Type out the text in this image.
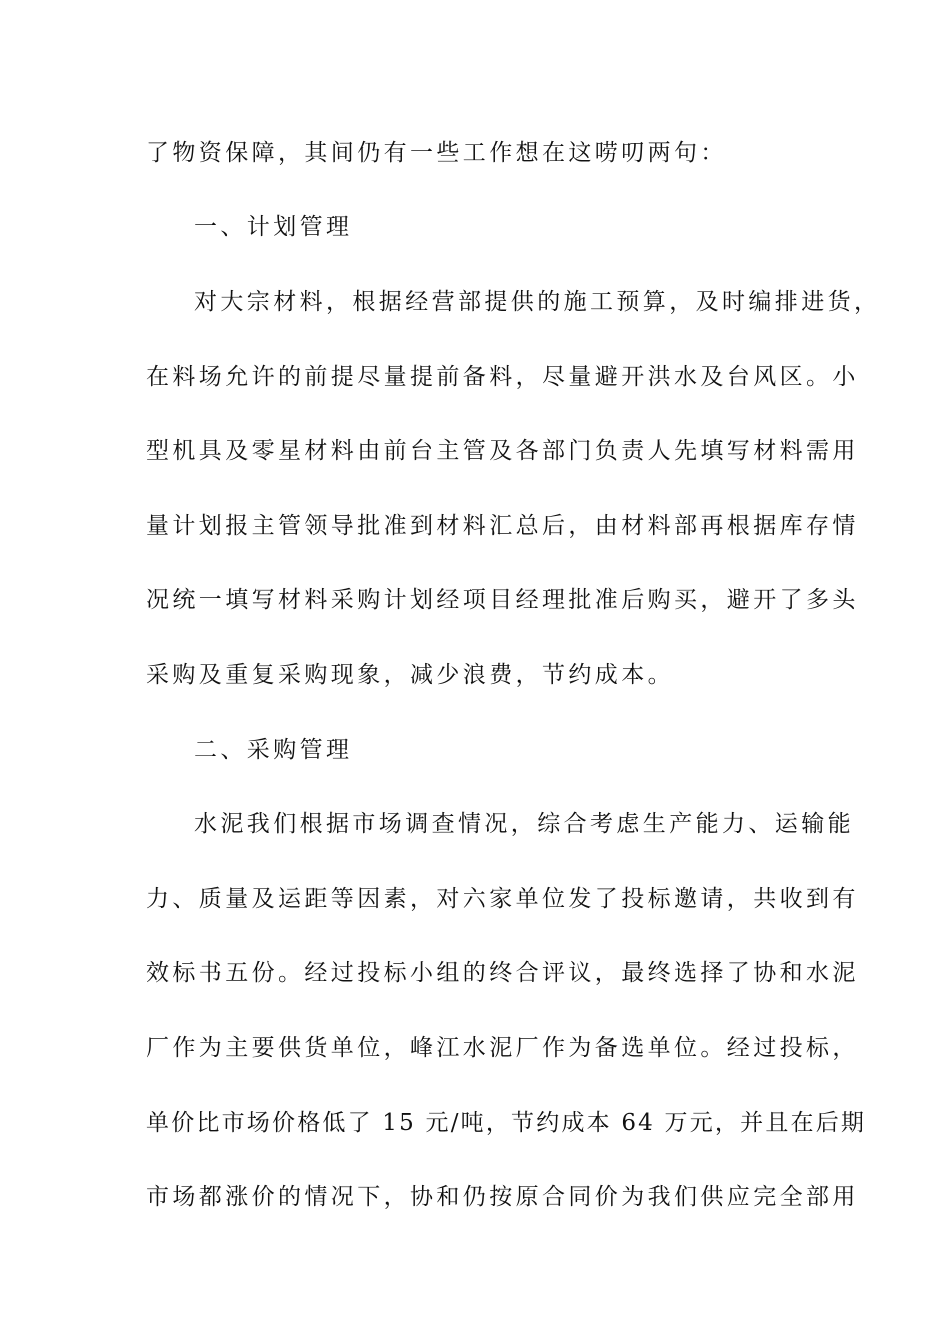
了物资保障，其间仍有一些工作想在这唠叨两句：
一、计划管理
对大宗材料，根据经营部提供的施工预算，及时编排进货，
在料场允许的前提尽量提前备料，尽量避开洪水及台风区。小
型机具及零星材料由前台主管及各部门负责人先填写材料需用
量计划报主管领导批准到材料汇总后，由材料部再根据库存情
况统一填写材料采购计划经项目经理批准后购买，避开了多头
采购及重复采购现象，减少浪费，节约成本。
二、采购管理
水泥我们根据市场调查情况，综合考虑生产能力、运输能
力、质量及运距等因素，对六家单位发了投标邀请，共收到有
效标书五份。经过投标小组的终合评议，最终选择了协和水泥
厂作为主要供货单位，峰江水泥厂作为备选单位。经过投标，
单价比市场价格低了 15 元/吨，节约成本 64 万元，并且在后期
市场都涨价的情况下，协和仍按原合同价为我们供应完全部用
